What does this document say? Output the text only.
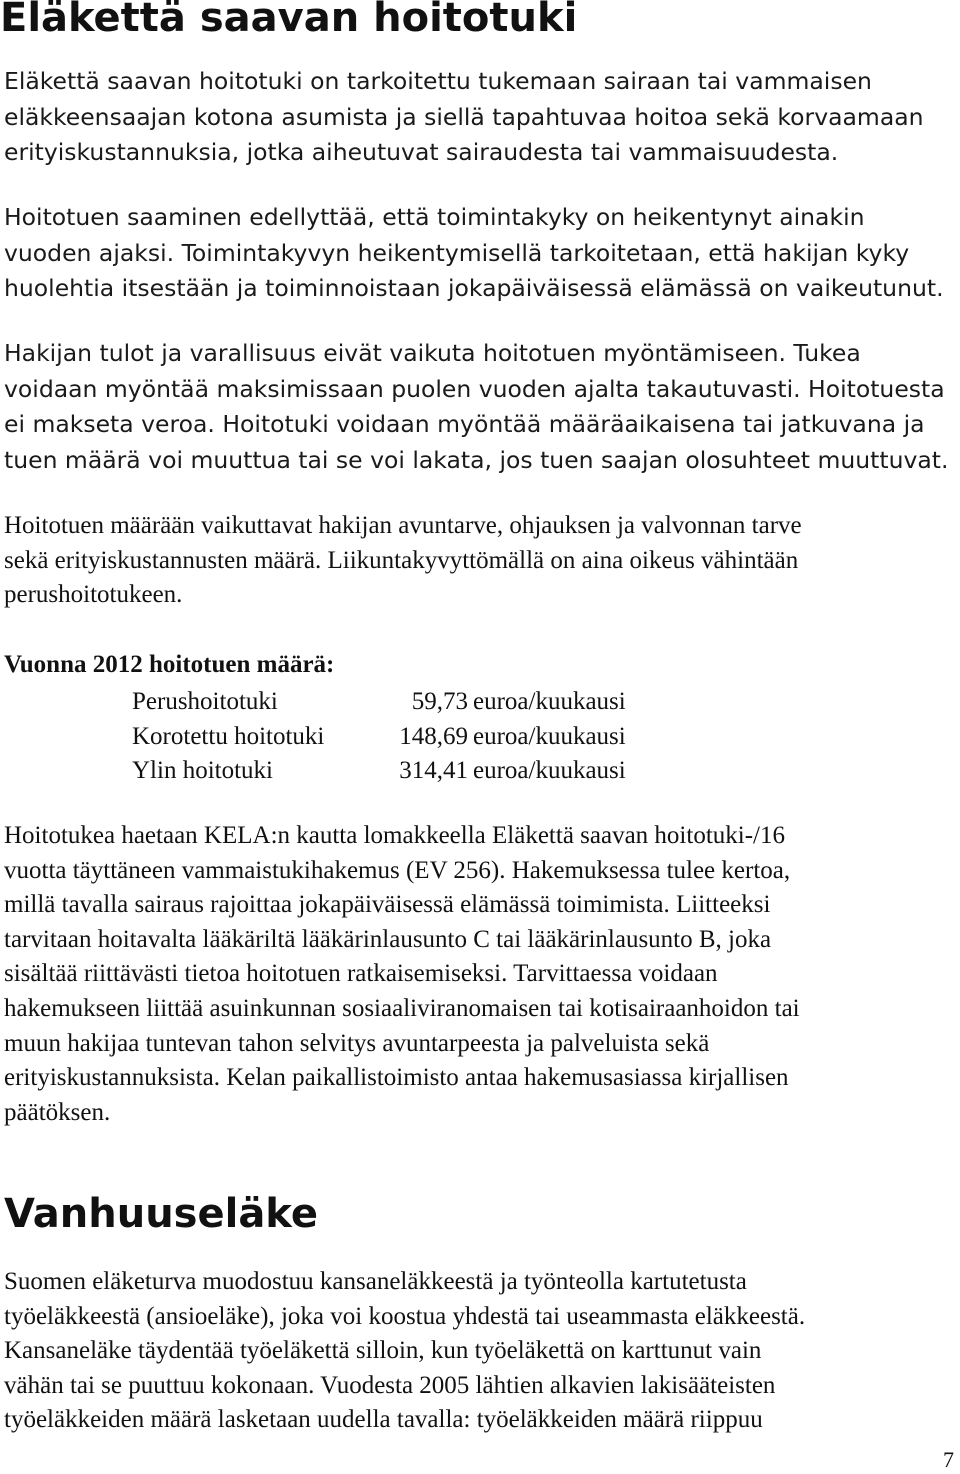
Eläkettä saavan hoitotuki

Eläkettä saavan hoitotuki on tarkoitettu tukemaan sairaan tai vammaisen
eläkkeensaajan kotona asumista ja siellä tapahtuvaa hoitoa sekä korvaamaan
erityiskustannuksia, jotka aiheutuvat sairaudesta tai vammaisuudesta.

Hoitotuen saaminen edellyttää, että toimintakyky on heikentynyt ainakin
vuoden ajaksi. Toimintakyvyn heikentymisellä tarkoitetaan, että hakijan kyky
huolehtia itsestään ja toiminnoistaan jokapäiväisessä elämässä on vaikeutunut.

Hakijan tulot ja varallisuus eivät vaikuta hoitotuen myöntämiseen. Tukea
voidaan myöntää maksimissaan puolen vuoden ajalta takautuvasti. Hoitotuesta
ei makseta veroa. Hoitotuki voidaan myöntää määräaikaisena tai jatkuvana ja
tuen määrä voi muuttua tai se voi lakata, jos tuen saajan olosuhteet muuttuvat.

Hoitotuen määrään vaikuttavat hakijan avuntarve, ohjauksen ja valvonnan tarve
sekä erityiskustannusten määrä. Liikuntakyvyttömällä on aina oikeus vähintään
perushoitotukeen.

Vuonna 2012 hoitotuen määrä:
Perushoitotuki	59,73 euroa/kuukausi
Korotettu hoitotuki	148,69 euroa/kuukausi
Ylin hoitotuki	314,41 euroa/kuukausi

Hoitotukea haetaan KELA:n kautta lomakkeella Eläkettä saavan hoitotuki-/16
vuotta täyttäneen vammaistukihakemus (EV 256). Hakemuksessa tulee kertoa,
millä tavalla sairaus rajoittaa jokapäiväisessä elämässä toimimista. Liitteeksi
tarvitaan hoitavalta lääkäriltä lääkärinlausunto C tai lääkärinlausunto B, joka
sisältää riittävästi tietoa hoitotuen ratkaisemiseksi. Tarvittaessa voidaan
hakemukseen liittää asuinkunnan sosiaaliviranomaisen tai kotisairaanhoidon tai
muun hakijaa tuntevan tahon selvitys avuntarpeesta ja palveluista sekä
erityiskustannuksista. Kelan paikallistoimisto antaa hakemusasiassa kirjallisen
päätöksen.

Vanhuuseläke

Suomen eläketurva muodostuu kansaneläkkeestä ja työnteolla kartutetusta
työeläkkeestä (ansioeläke), joka voi koostua yhdestä tai useammasta eläkkeestä.
Kansaneläke täydentää työeläkettä silloin, kun työeläkettä on karttunut vain
vähän tai se puuttuu kokonaan. Vuodesta 2005 lähtien alkavien lakisääteisten
työeläkkeiden määrä lasketaan uudella tavalla: työeläkkeiden määrä riippuu

7
